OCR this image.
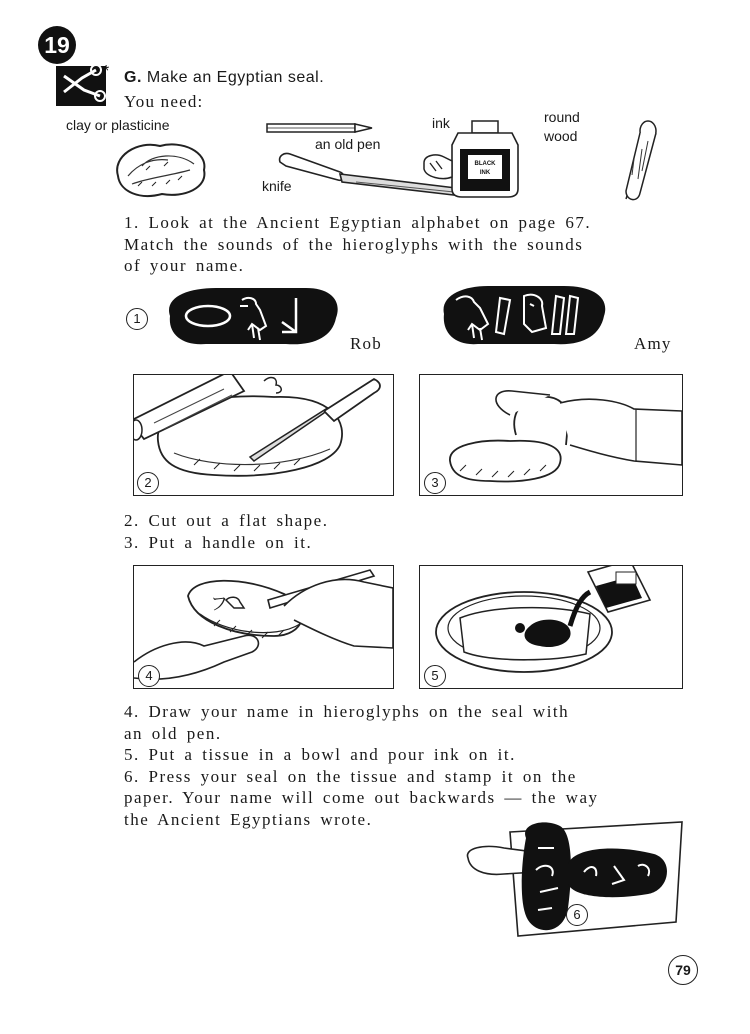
19
* G. Make an Egyptian seal.
You need:
clay or plasticine
an old pen
knife
ink
BLACK
INK
round wood
1. Look at the Ancient Egyptian alphabet on page 67.
Match the sounds of the hieroglyphs with the sounds
of your name.
1
Rob	Amy
2	3
2. Cut out a flat shape.
3. Put a handle on it.
フ
4	5
4. Draw your name in hieroglyphs on the seal with
an old pen.
5. Put a tissue in a bowl and pour ink on it.
6. Press your seal on the tissue and stamp it on the
paper. Your name will come out backwards — the way
the Ancient Egyptians wrote.
6
79
